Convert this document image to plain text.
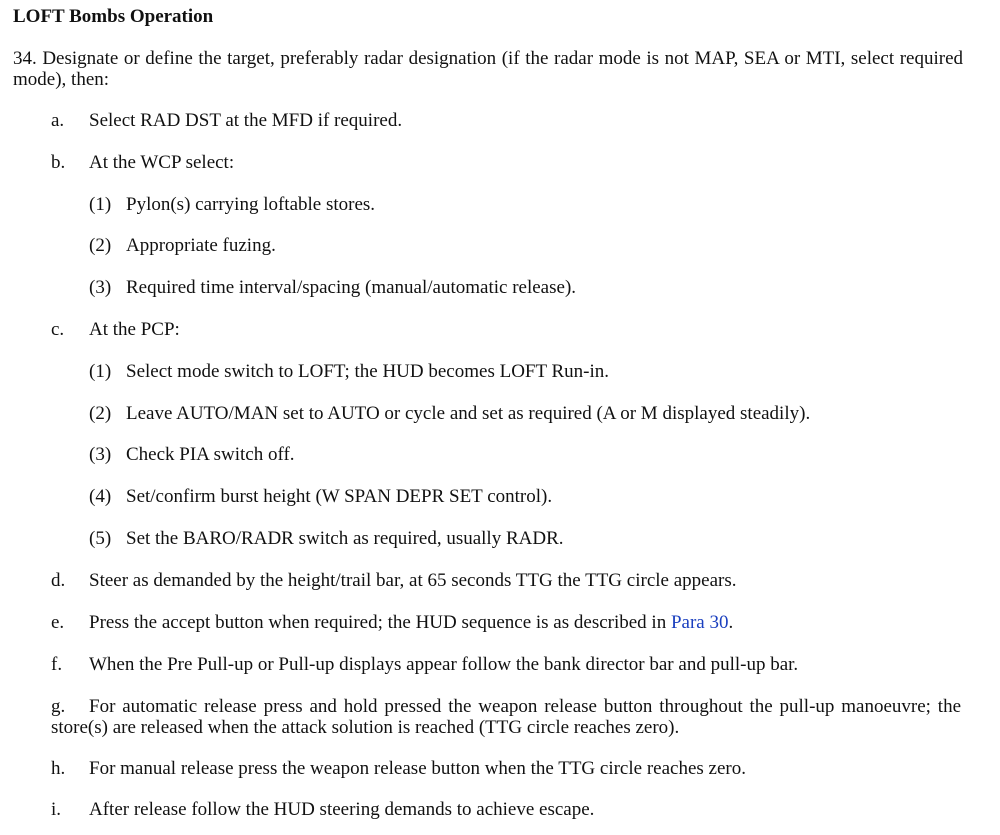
LOFT Bombs Operation
34. Designate or define the target, preferably radar designation (if the radar mode is not MAP, SEA or MTI, select required mode), then:
a. Select RAD DST at the MFD if required.
b. At the WCP select:
(1) Pylon(s) carrying loftable stores.
(2) Appropriate fuzing.
(3) Required time interval/spacing (manual/automatic release).
c. At the PCP:
(1) Select mode switch to LOFT; the HUD becomes LOFT Run-in.
(2) Leave AUTO/MAN set to AUTO or cycle and set as required (A or M displayed steadily).
(3) Check PIA switch off.
(4) Set/confirm burst height (W SPAN DEPR SET control).
(5) Set the BARO/RADR switch as required, usually RADR.
d. Steer as demanded by the height/trail bar, at 65 seconds TTG the TTG circle appears.
e. Press the accept button when required; the HUD sequence is as described in Para 30.
f. When the Pre Pull-up or Pull-up displays appear follow the bank director bar and pull-up bar.
g. For automatic release press and hold pressed the weapon release button throughout the pull-up manoeuvre; the store(s) are released when the attack solution is reached (TTG circle reaches zero).
h. For manual release press the weapon release button when the TTG circle reaches zero.
i. After release follow the HUD steering demands to achieve escape.
